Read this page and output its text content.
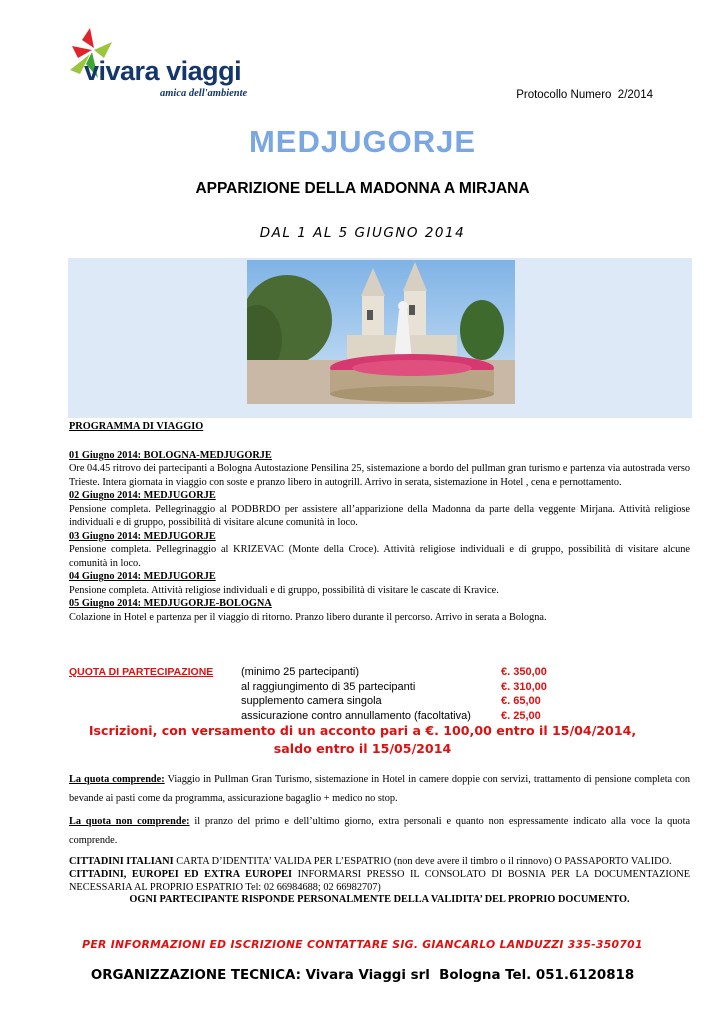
vivara viaggi
amica dell'ambiente	Protocollo Numero  2/2014
MEDJUGORJE
APPARIZIONE DELLA MADONNA A MIRJANA
DAL 1 AL 5 GIUGNO 2014
PROGRAMMA DI VIAGGIO
01 Giugno 2014: BOLOGNA-MEDJUGORJE
Ore 04.45 ritrovo dei partecipanti a Bologna Autostazione Pensilina 25, sistemazione a bordo del pullman gran turismo e partenza via autostrada verso Trieste. Intera giornata in viaggio con soste e pranzo libero in autogrill. Arrivo in serata, sistemazione in Hotel , cena e pernottamento.
02 Giugno 2014: MEDJUGORJE
Pensione completa. Pellegrinaggio al PODBRDO per assistere all’apparizione della Madonna da parte della veggente Mirjana. Attività religiose individuali e di gruppo, possibilità di visitare alcune comunità in loco.
03 Giugno 2014: MEDJUGORJE
Pensione completa. Pellegrinaggio al KRIZEVAC (Monte della Croce). Attività religiose individuali e di gruppo, possibilità di visitare alcune comunità in loco.
04 Giugno 2014: MEDJUGORJE
Pensione completa. Attività religiose individuali e di gruppo, possibilità di visitare le cascate di Kravice.
05 Giugno 2014: MEDJUGORJE-BOLOGNA
Colazione in Hotel e partenza per il viaggio di ritorno. Pranzo libero durante il percorso. Arrivo in serata a Bologna.
QUOTA DI PARTECIPAZIONE	(minimo 25 partecipanti)	€. 350,00
al raggiungimento di 35 partecipanti	€. 310,00
supplemento camera singola	€. 65,00
assicurazione contro annullamento (facoltativa)	€. 25,00
Iscrizioni, con versamento di un acconto pari a €. 100,00 entro il 15/04/2014,
saldo entro il 15/05/2014
La quota comprende: Viaggio in Pullman Gran Turismo, sistemazione in Hotel in camere doppie con servizi, trattamento di pensione completa con bevande ai pasti come da programma, assicurazione bagaglio + medico no stop.
La quota non comprende: il pranzo del primo e dell’ultimo giorno, extra personali e quanto non espressamente indicato alla voce la quota comprende.
CITTADINI ITALIANI CARTA D’IDENTITA’ VALIDA PER L’ESPATRIO (non deve avere il timbro o il rinnovo) O PASSAPORTO VALIDO.
CITTADINI, EUROPEI ED EXTRA EUROPEI INFORMARSI PRESSO IL CONSOLATO DI BOSNIA PER LA DOCUMENTAZIONE NECESSARIA AL PROPRIO ESPATRIO Tel: 02 66984688; 02 66982707)
OGNI PARTECIPANTE RISPONDE PERSONALMENTE DELLA VALIDITA’ DEL PROPRIO DOCUMENTO.
PER INFORMAZIONI ED ISCRIZIONE CONTATTARE SIG. GIANCARLO LANDUZZI 335-350701
ORGANIZZAZIONE TECNICA: Vivara Viaggi srl  Bologna Tel. 051.6120818
